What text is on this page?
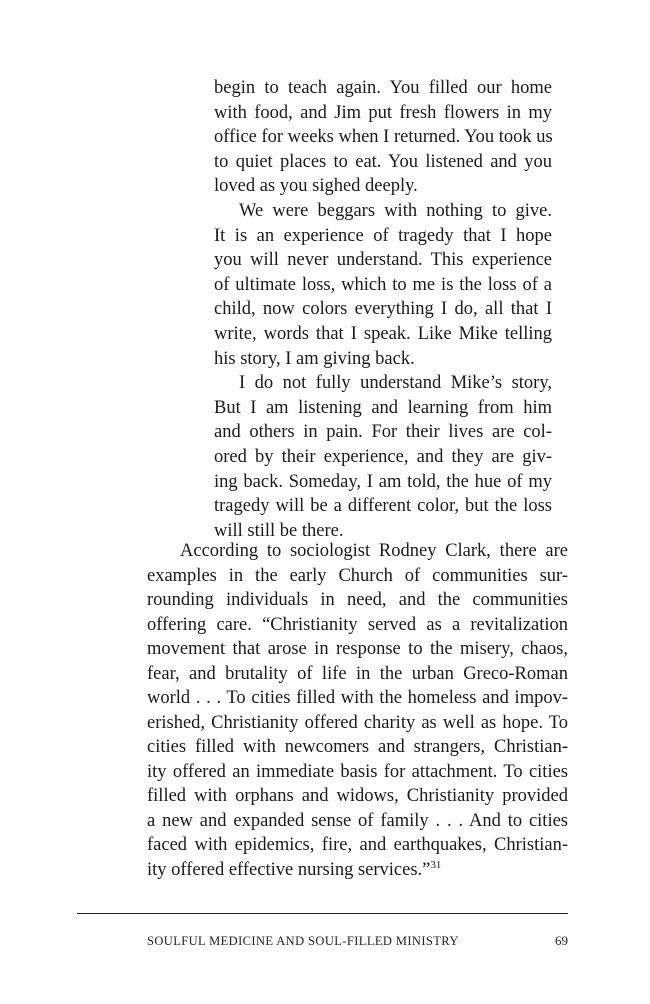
begin to teach again. You filled our home
with food, and Jim put fresh flowers in my
office for weeks when I returned. You took us
to quiet places to eat. You listened and you
loved as you sighed deeply.
We were beggars with nothing to give.
It is an experience of tragedy that I hope
you will never understand. This experience
of ultimate loss, which to me is the loss of a
child, now colors everything I do, all that I
write, words that I speak. Like Mike telling
his story, I am giving back.
I do not fully understand Mike’s story,
But I am listening and learning from him
and others in pain. For their lives are col-
ored by their experience, and they are giv-
ing back. Someday, I am told, the hue of my
tragedy will be a different color, but the loss
will still be there.
According to sociologist Rodney Clark, there are
examples in the early Church of communities sur-
rounding individuals in need, and the communities
offering care. “Christianity served as a revitalization
movement that arose in response to the misery, chaos,
fear, and brutality of life in the urban Greco-Roman
world . . . To cities filled with the homeless and impov-
erished, Christianity offered charity as well as hope. To
cities filled with newcomers and strangers, Christian-
ity offered an immediate basis for attachment. To cities
filled with orphans and widows, Christianity provided
a new and expanded sense of family . . . And to cities
faced with epidemics, fire, and earthquakes, Christian-
ity offered effective nursing services.”$^{31}$
SOULFUL MEDICINE AND SOUL-FILLED MINISTRY	69
